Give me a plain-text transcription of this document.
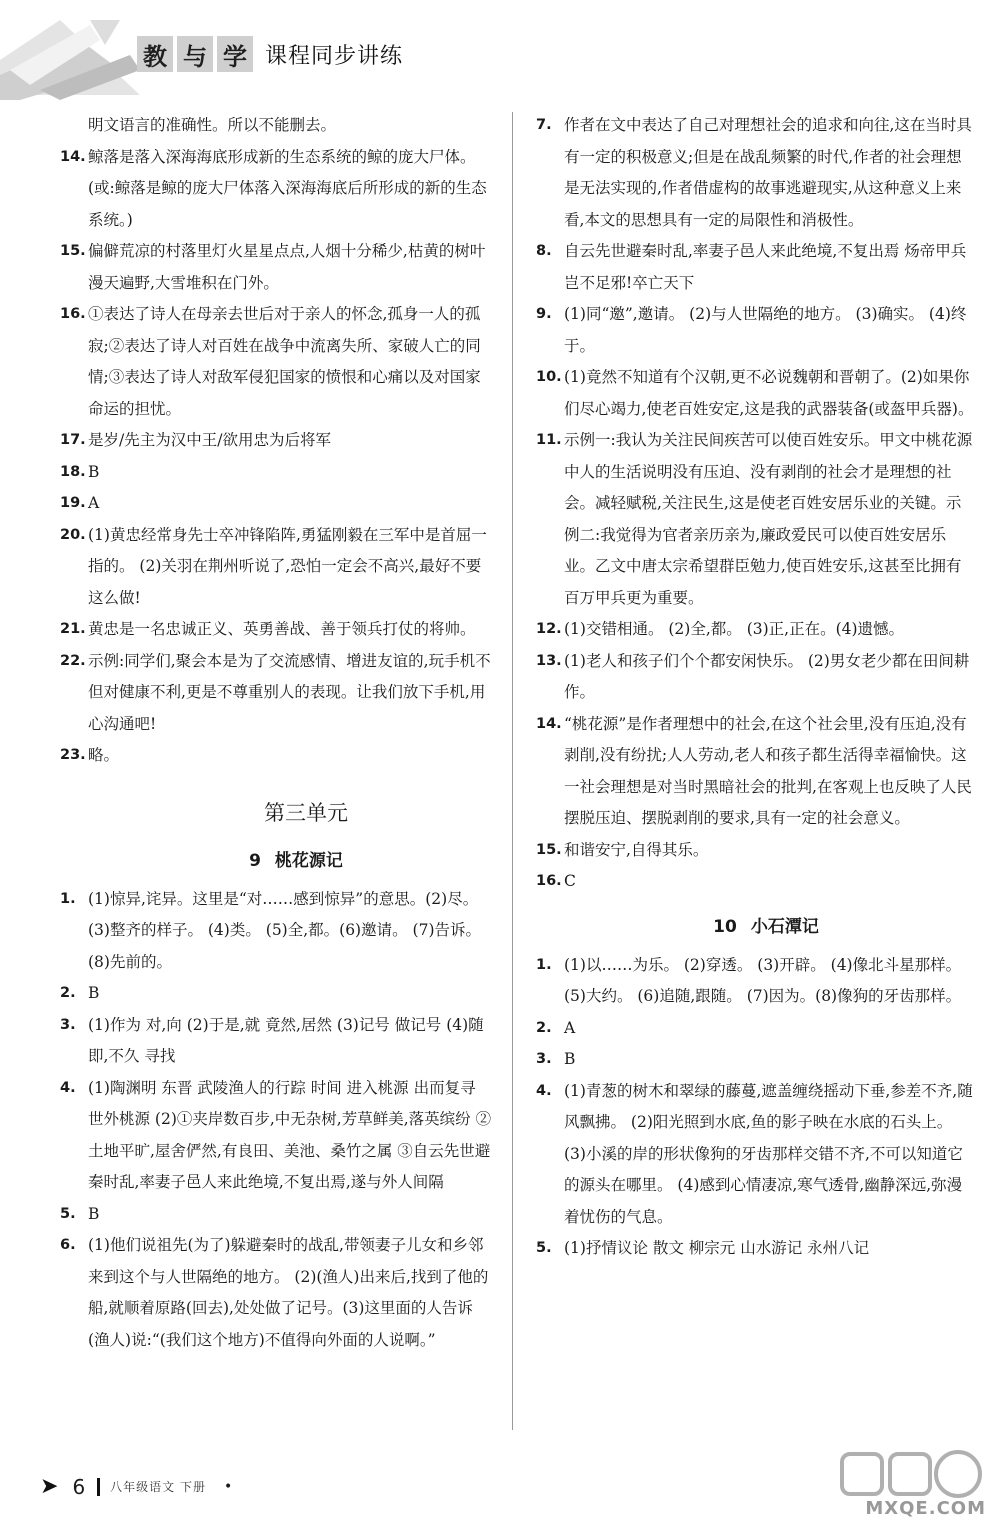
教 与 学 课程同步讲练
明文语言的准确性。所以不能删去。
14. 鲸落是落入深海海底形成新的生态系统的鲸的庞大尸体。(或:鲸落是鲸的庞大尸体落入深海海底后所形成的新的生态系统。)
15. 偏僻荒凉的村落里灯火星星点点,人烟十分稀少,枯黄的树叶漫天遍野,大雪堆积在门外。
16. ①表达了诗人在母亲去世后对于亲人的怀念,孤身一人的孤寂;②表达了诗人对百姓在战争中流离失所、家破人亡的同情;③表达了诗人对敌军侵犯国家的愤恨和心痛以及对国家命运的担忧。
17. 是岁/先主为汉中王/欲用忠为后将军
18. B
19. A
20. (1)黄忠经常身先士卒冲锋陷阵,勇猛刚毅在三军中是首屈一指的。 (2)关羽在荆州听说了,恐怕一定会不高兴,最好不要这么做!
21. 黄忠是一名忠诚正义、英勇善战、善于领兵打仗的将帅。
22. 示例:同学们,聚会本是为了交流感情、增进友谊的,玩手机不但对健康不利,更是不尊重别人的表现。让我们放下手机,用心沟通吧!
23. 略。
第三单元
9 桃花源记
1. (1)惊异,诧异。这里是“对……感到惊异”的意思。(2)尽。 (3)整齐的样子。 (4)类。 (5)全,都。(6)邀请。 (7)告诉。 (8)先前的。
2. B
3. (1)作为 对,向 (2)于是,就 竟然,居然 (3)记号 做记号 (4)随即,不久 寻找
4. (1)陶渊明 东晋 武陵渔人的行踪 时间 进入桃源 出而复寻 世外桃源 (2)①夹岸数百步,中无杂树,芳草鲜美,落英缤纷 ②土地平旷,屋舍俨然,有良田、美池、桑竹之属 ③自云先世避秦时乱,率妻子邑人来此绝境,不复出焉,遂与外人间隔
5. B
6. (1)他们说祖先(为了)躲避秦时的战乱,带领妻子儿女和乡邻来到这个与人世隔绝的地方。 (2)(渔人)出来后,找到了他的船,就顺着原路(回去),处处做了记号。(3)这里面的人告诉(渔人)说:“(我们这个地方)不值得向外面的人说啊。”
7. 作者在文中表达了自己对理想社会的追求和向往,这在当时具有一定的积极意义;但是在战乱频繁的时代,作者的社会理想是无法实现的,作者借虚构的故事逃避现实,从这种意义上来看,本文的思想具有一定的局限性和消极性。
8. 自云先世避秦时乱,率妻子邑人来此绝境,不复出焉 炀帝甲兵岂不足邪!卒亡天下
9. (1)同“邀”,邀请。 (2)与人世隔绝的地方。 (3)确实。 (4)终于。
10. (1)竟然不知道有个汉朝,更不必说魏朝和晋朝了。(2)如果你们尽心竭力,使老百姓安定,这是我的武器装备(或盔甲兵器)。
11. 示例一:我认为关注民间疾苦可以使百姓安乐。甲文中桃花源中人的生活说明没有压迫、没有剥削的社会才是理想的社会。减轻赋税,关注民生,这是使老百姓安居乐业的关键。示例二:我觉得为官者亲历亲为,廉政爱民可以使百姓安居乐业。乙文中唐太宗希望群臣勉力,使百姓安乐,这甚至比拥有百万甲兵更为重要。
12. (1)交错相通。 (2)全,都。 (3)正,正在。(4)遗憾。
13. (1)老人和孩子们个个都安闲快乐。 (2)男女老少都在田间耕作。
14. “桃花源”是作者理想中的社会,在这个社会里,没有压迫,没有剥削,没有纷扰;人人劳动,老人和孩子都生活得幸福愉快。这一社会理想是对当时黑暗社会的批判,在客观上也反映了人民摆脱压迫、摆脱剥削的要求,具有一定的社会意义。
15. 和谐安宁,自得其乐。
16. C
10 小石潭记
1. (1)以……为乐。 (2)穿透。 (3)开辟。 (4)像北斗星那样。 (5)大约。 (6)追随,跟随。 (7)因为。(8)像狗的牙齿那样。
2. A
3. B
4. (1)青葱的树木和翠绿的藤蔓,遮盖缠绕摇动下垂,参差不齐,随风飘拂。 (2)阳光照到水底,鱼的影子映在水底的石头上。 (3)小溪的岸的形状像狗的牙齿那样交错不齐,不可以知道它的源头在哪里。 (4)感到心情凄凉,寒气透骨,幽静深远,弥漫着忧伤的气息。
5. (1)抒情议论 散文 柳宗元 山水游记 永州八记
➤ 6 八年级语文 下册 •
MXQE.COM
